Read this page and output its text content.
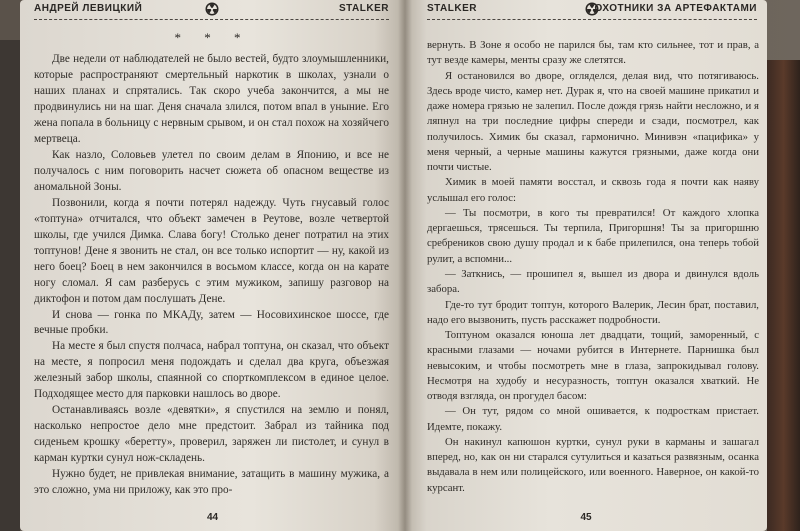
АНДРЕЙ ЛЕВИЦКИЙ	STALKER
* * *

Две недели от наблюдателей не было вестей, будто злоумышленники, которые распространяют смертельный наркотик в школах, узнали о наших планах и спрятались. Так скоро учеба закончится, а мы не продвинулись ни на шаг. Деня сначала злился, потом впал в уныние. Его жена попала в больницу с нервным срывом, и он стал похож на хозяйчего мертвеца.

Как назло, Соловьев улетел по своим делам в Японию, и все не получалось с ним поговорить насчет сюжета об опасном веществе из аномальной Зоны.

Позвонили, когда я почти потерял надежду. Чуть гнусавый голос «топтуна» отчитался, что объект замечен в Реутове, возле четвертой школы, где учился Димка. Слава богу! Столько денег потратил на этих топтунов! Дене я звонить не стал, он все только испортит — ну, какой из него боец? Боец в нем закончился в восьмом классе, когда он на карате ногу сломал. Я сам разберусь с этим мужиком, запишу разговор на диктофон и потом дам послушать Дене.

И снова — гонка по МКАДу, затем — Носовихинское шоссе, где вечные пробки.

На месте я был спустя полчаса, набрал топтуна, он сказал, что объект на месте, я попросил меня подождать и сделал два круга, объезжая железный забор школы, спаянной со спорткомплексом в единое целое. Подходящее место для парковки нашлось во дворе.

Останавливаясь возле «девятки», я спустился на землю и понял, насколько непростое дело мне предстоит. Забрал из тайника под сиденьем крошку «беретту», проверил, заряжен ли пистолет, и сунул в карман куртки сунул нож-складень.

Нужно будет, не привлекая внимание, затащить в машину мужика, а это сложно, ума ни приложу, как это про-

44
STALKER	ОХОТНИКИ ЗА АРТЕФАКТАМИ

вернуть. В Зоне я особо не парился бы, там кто сильнее, тот и прав, а тут везде камеры, менты сразу же слетятся.

Я остановился во дворе, огляделся, делая вид, что потягиваюсь. Здесь вроде чисто, камер нет. Дурак я, что на своей машине прикатил и даже номера грязью не залепил. После дождя грязь найти несложно, и я ляпнул на три последние цифры спереди и сзади, посмотрел, как получилось. Химик бы сказал, гармонично. Минивэн «пацифика» у меня черный, а черные машины кажутся грязными, даже когда они почти чистые.

Химик в моей памяти восстал, и сквозь года я почти как наяву услышал его голос:

— Ты посмотри, в кого ты превратился! От каждого хлопка дергаешься, трясешься. Ты терпила, Пригоршня! Ты за пригоршню сребреников свою душу продал и к бабе прилепился, она теперь тобой рулит, а вспомни...

— Заткнись, — прошипел я, вышел из двора и двинулся вдоль забора.

Где-то тут бродит топтун, которого Валерик, Лесин брат, поставил, надо его вызвонить, пусть расскажет подробности.

Топтуном оказался юноша лет двадцати, тощий, заморенный, с красными глазами — ночами рубится в Интернете. Парнишка был невысоким, и чтобы посмотреть мне в глаза, запрокидывал голову. Несмотря на худобу и несуразность, топтун оказался хваткий. Не отводя взгляда, он прогудел басом:

— Он тут, рядом со мной ошивается, к подросткам пристает. Идемте, покажу.

Он накинул капюшон куртки, сунул руки в карманы и зашагал вперед, но, как он ни старался сутулиться и казаться развязным, осанка выдавала в нем или полицейского, или военного. Наверное, он какой-то курсант.

45
